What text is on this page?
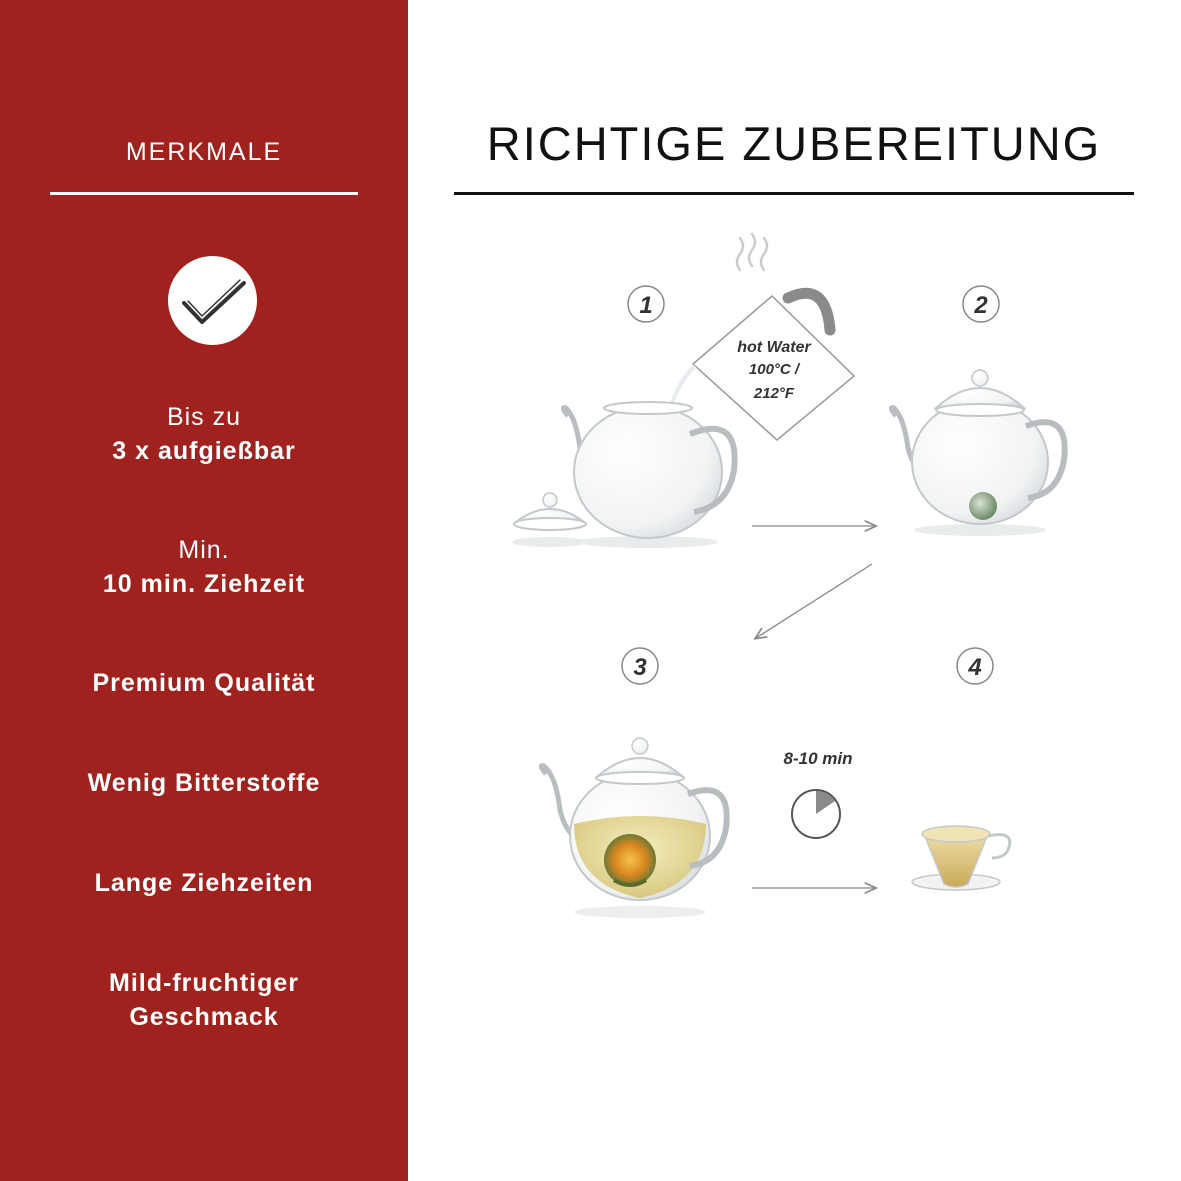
MERKMALE
Bis zu
3 x aufgießbar
Min.
10 min. Ziehzeit
Premium Qualität
Wenig Bitterstoffe
Lange Ziehzeiten
Mild-fruchtiger
Geschmack
RICHTIGE ZUBEREITUNG
1	2
3	4
hot Water
100°C /
212°F
8-10 min
